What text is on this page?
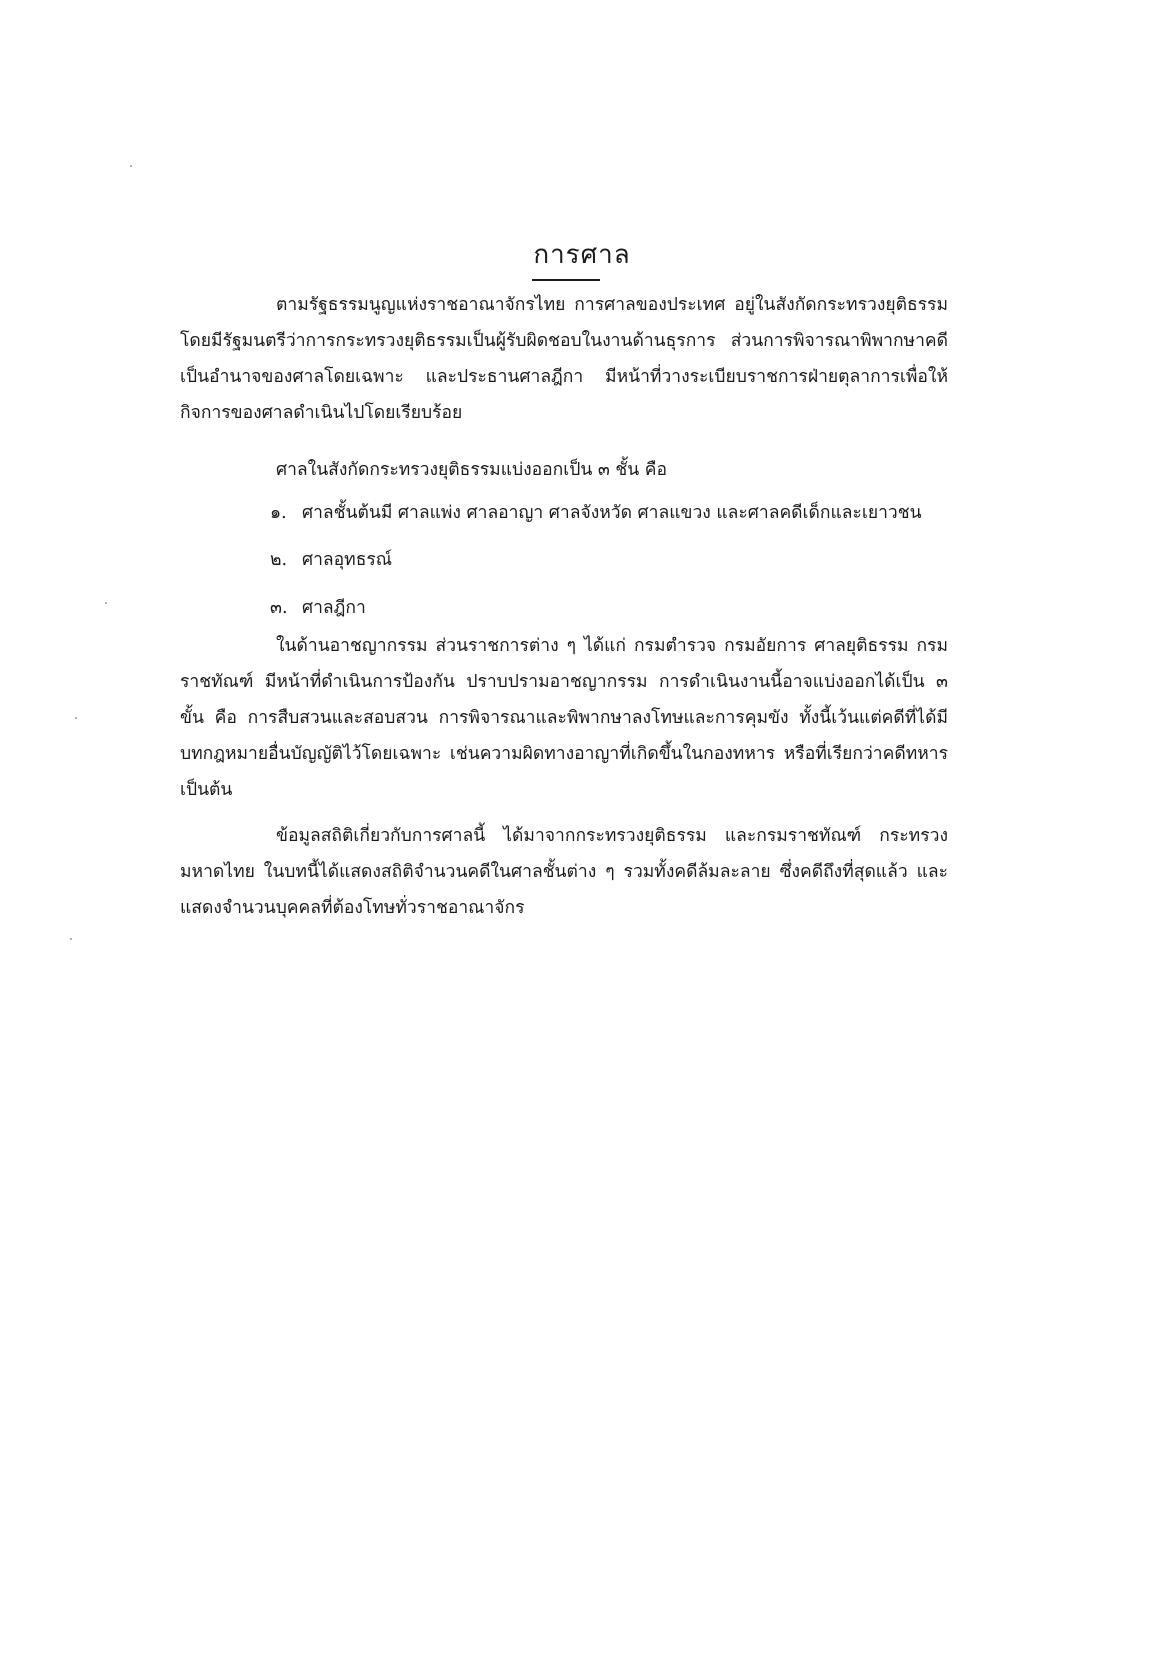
การศาล

ตามรัฐธรรมนูญแห่งราชอาณาจักรไทย การศาลของประเทศ อยู่ในสังกัดกระทรวงยุติธรรม โดยมีรัฐมนตรีว่าการกระทรวงยุติธรรมเป็นผู้รับผิดชอบในงานด้านธุรการ ส่วนการพิจารณาพิพากษาคดีเป็นอำนาจของศาลโดยเฉพาะ และประธานศาลฎีกา มีหน้าที่วางระเบียบราชการฝ่ายตุลาการเพื่อให้กิจการของศาลดำเนินไปโดยเรียบร้อย

ศาลในสังกัดกระทรวงยุติธรรมแบ่งออกเป็น ๓ ชั้น คือ

๑. ศาลชั้นต้นมี ศาลแพ่ง ศาลอาญา ศาลจังหวัด ศาลแขวง และศาลคดีเด็กและเยาวชน
๒. ศาลอุทธรณ์
๓. ศาลฎีกา

ในด้านอาชญากรรม ส่วนราชการต่าง ๆ ได้แก่ กรมตำรวจ กรมอัยการ ศาลยุติธรรม กรมราชทัณฑ์ มีหน้าที่ดำเนินการป้องกัน ปราบปรามอาชญากรรม การดำเนินงานนี้อาจแบ่งออกได้เป็น ๓ ขั้น คือ การสืบสวนและสอบสวน การพิจารณาและพิพากษาลงโทษและการคุมขัง ทั้งนี้เว้นแต่คดีที่ได้มีบทกฎหมายอื่นบัญญัติไว้โดยเฉพาะ เช่นความผิดทางอาญาที่เกิดขึ้นในกองทหาร หรือที่เรียกว่าคดีทหาร เป็นต้น

ข้อมูลสถิติเกี่ยวกับการศาลนี้ ได้มาจากกระทรวงยุติธรรม และกรมราชทัณฑ์ กระทรวงมหาดไทย ในบทนี้ได้แสดงสถิติจำนวนคดีในศาลชั้นต่าง ๆ รวมทั้งคดีล้มละลาย ซึ่งคดีถึงที่สุดแล้ว และแสดงจำนวนบุคคลที่ต้องโทษทั่วราชอาณาจักร
